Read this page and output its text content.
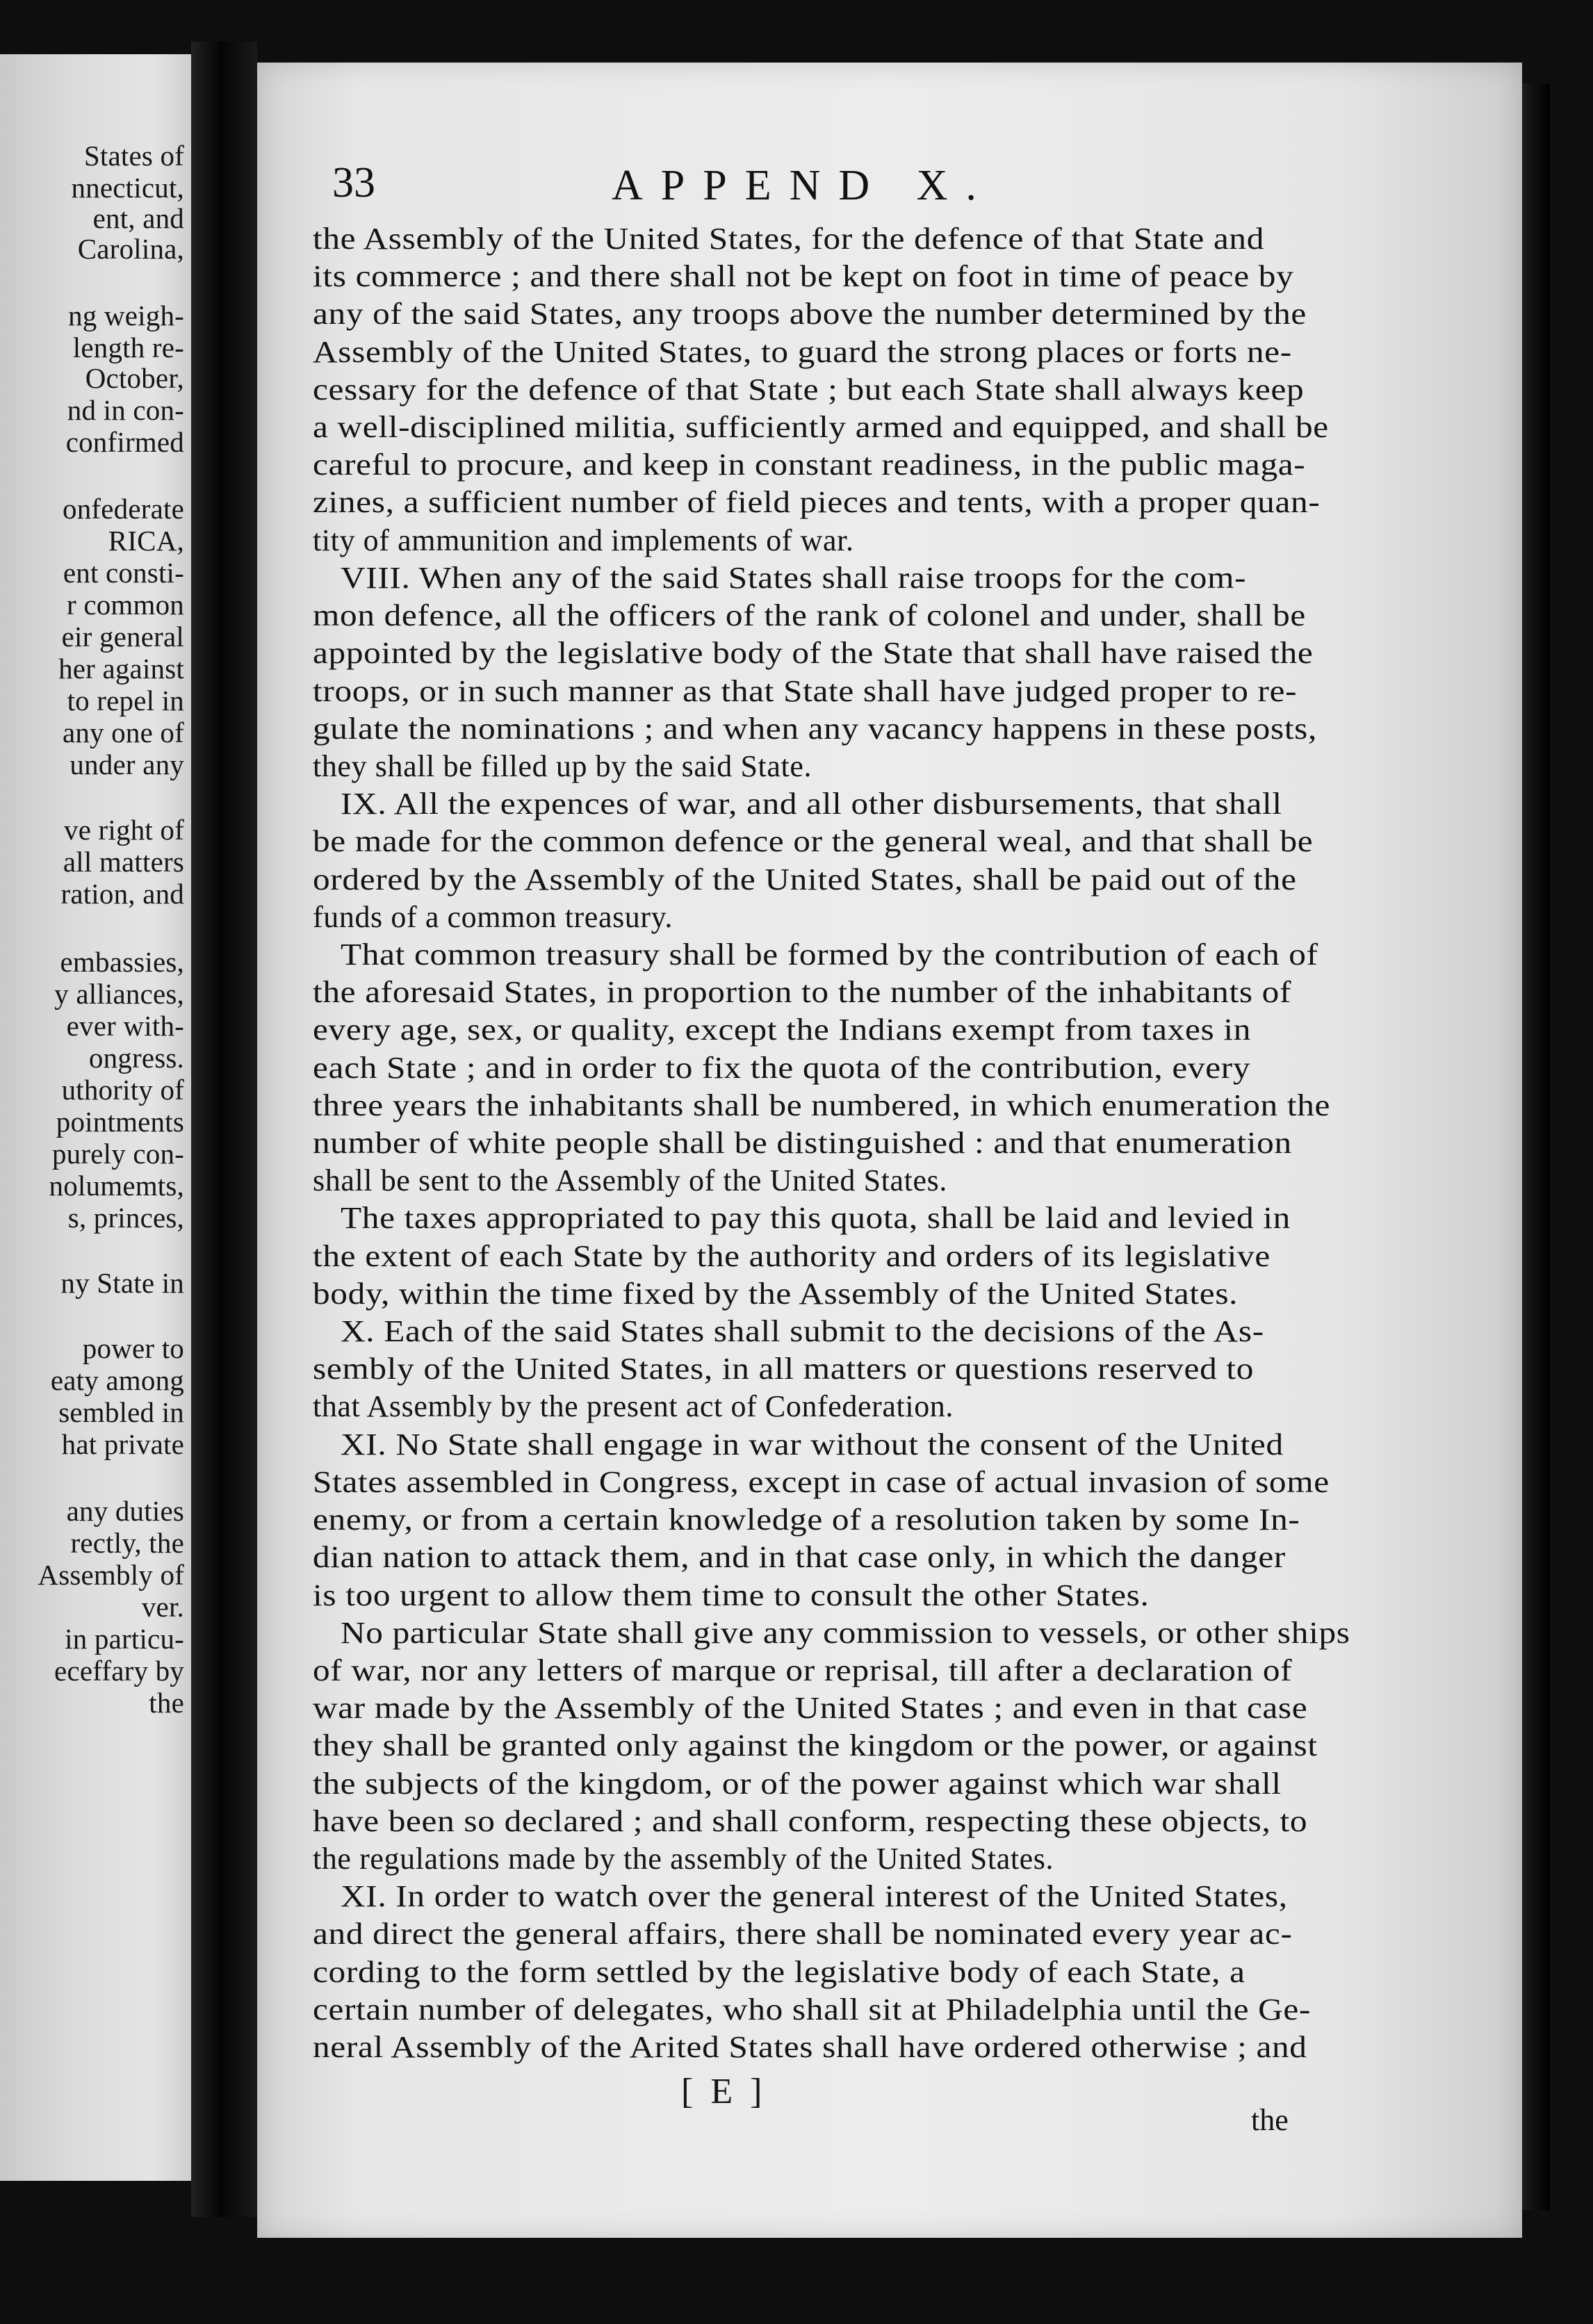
States of
nnecticut,
ent, and
Carolina,
ng weigh-
length re-
October,
nd in con-
confirmed
onfederate
RICA,
ent consti-
r common
eir general
her against
to repel in
any one of
under any
ve right of
all matters
ration, and
embassies,
y alliances,
ever with-
ongress.
uthority of
pointments
purely con-
nolumemts,
s, princes,
ny State in
power to
eaty among
sembled in
hat private
any duties
rectly, the
Assembly of
ver.
in particu-
eceffary by
the
33	APPEND X.
the Assembly of the United States, for the defence of that State and
its commerce ; and there shall not be kept on foot in time of peace by
any of the said States, any troops above the number determined by the
Assembly of the United States, to guard the strong places or forts ne-
cessary for the defence of that State ; but each State shall always keep
a well-disciplined militia, sufficiently armed and equipped, and shall be
careful to procure, and keep in constant readiness, in the public maga-
zines, a sufficient number of field pieces and tents, with a proper quan-
tity of ammunition and implements of war.
VIII. When any of the said States shall raise troops for the com-
mon defence, all the officers of the rank of colonel and under, shall be
appointed by the legislative body of the State that shall have raised the
troops, or in such manner as that State shall have judged proper to re-
gulate the nominations ; and when any vacancy happens in these posts,
they shall be filled up by the said State.
IX. All the expences of war, and all other disbursements, that shall
be made for the common defence or the general weal, and that shall be
ordered by the Assembly of the United States, shall be paid out of the
funds of a common treasury.
That common treasury shall be formed by the contribution of each of
the aforesaid States, in proportion to the number of the inhabitants of
every age, sex, or quality, except the Indians exempt from taxes in
each State ; and in order to fix the quota of the contribution, every
three years the inhabitants shall be numbered, in which enumeration the
number of white people shall be distinguished : and that enumeration
shall be sent to the Assembly of the United States.
The taxes appropriated to pay this quota, shall be laid and levied in
the extent of each State by the authority and orders of its legislative
body, within the time fixed by the Assembly of the United States.
X. Each of the said States shall submit to the decisions of the As-
sembly of the United States, in all matters or questions reserved to
that Assembly by the present act of Confederation.
XI. No State shall engage in war without the consent of the United
States assembled in Congress, except in case of actual invasion of some
enemy, or from a certain knowledge of a resolution taken by some In-
dian nation to attack them, and in that case only, in which the danger
is too urgent to allow them time to consult the other States.
No particular State shall give any commission to vessels, or other ships
of war, nor any letters of marque or reprisal, till after a declaration of
war made by the Assembly of the United States ; and even in that case
they shall be granted only against the kingdom or the power, or against
the subjects of the kingdom, or of the power against which war shall
have been so declared ; and shall conform, respecting these objects, to
the regulations made by the assembly of the United States.
XI. In order to watch over the general interest of the United States,
and direct the general affairs, there shall be nominated every year ac-
cording to the form settled by the legislative body of each State, a
certain number of delegates, who shall sit at Philadelphia until the Ge-
neral Assembly of the Arited States shall have ordered otherwise ; and
[ E ]
the
